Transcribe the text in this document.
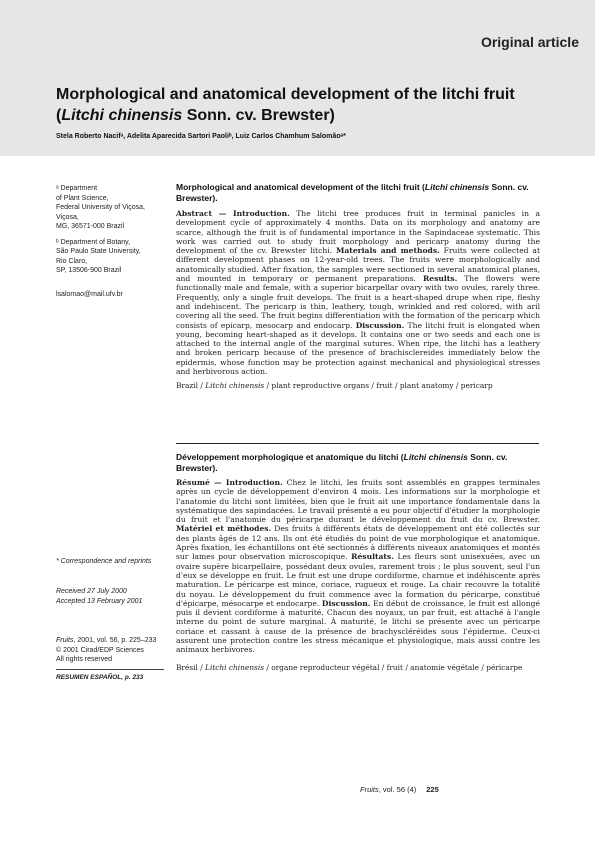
Original article
Morphological and anatomical development of the litchi fruit (Litchi chinensis Sonn. cv. Brewster)
Stela Roberto Nacifᵃ, Adelita Aparecida Sartori Paoliᵇ, Luiz Carlos Chamhum Salomãoᵃ*

ᵃ Department
of Plant Science,
Federal University of Viçosa,
Viçosa,
MG, 36571-000 Brazil

ᵇ Department of Botany,
São Paulo State University,
Rio Claro,
SP, 13506-900 Brazil

lsalomao@mail.ufv.br
* Correspondence and reprints
Received 27 July 2000
Accepted 13 February 2001
Fruits, 2001, vol. 56, p. 225–233
© 2001 Cirad/EDP Sciences
All rights reserved
RESUMEN ESPAÑOL, p. 233
Morphological and anatomical development of the litchi fruit (Litchi chinensis Sonn. cv. Brewster).
Abstract — Introduction. The litchi tree produces fruit in terminal panicles in a development cycle of approximately 4 months. Data on its morphology and anatomy are scarce, although the fruit is of fundamental importance in the Sapindaceae systematic. This work was carried out to study fruit morphology and pericarp anatomy during the development of the cv. Brewster litchi. Materials and methods. Fruits were collected at different development phases on 12-year-old trees. The fruits were morphologically and anatomically studied. After fixation, the samples were sectioned in several anatomical planes, and mounted in temporary or permanent preparations. Results. The flowers were functionally male and female, with a superior bicarpellar ovary with two ovules, rarely three. Frequently, only a single fruit develops. The fruit is a heart-shaped drupe when ripe, fleshy and indehiscent. The pericarp is thin, leathery, tough, wrinkled and red colored, with aril covering all the seed. The fruit begins differentiation with the formation of the pericarp which consists of epicarp, mesocarp and endocarp. Discussion. The litchi fruit is elongated when young, becoming heart-shaped as it develops. It contains one or two seeds and each one is attached to the internal angle of the marginal sutures. When ripe, the litchi has a leathery and broken pericarp because of the presence of brachisclereides immediately below the epidermis, whose function may be protection against mechanical and physiological stresses and herbivorous action.
Brazil / Litchi chinensis / plant reproductive organs / fruit / plant anatomy / pericarp
Développement morphologique et anatomique du litchi (Litchi chinensis Sonn. cv. Brewster).
Résumé — Introduction. Chez le litchi, les fruits sont assemblés en grappes terminales après un cycle de développement d'environ 4 mois. Les informations sur la morphologie et l'anatomie du litchi sont limitées, bien que le fruit ait une importance fondamentale dans la systématique des sapindacées. Le travail présenté a eu pour objectif d'étudier la morphologie du fruit et l'anatomie du péricarpe durant le développement du fruit du cv. Brewster. Matériel et méthodes. Des fruits à différents états de développement ont été collectés sur des plants âgés de 12 ans. Ils ont été étudiés du point de vue morphologique et anatomique. Après fixation, les échantillons ont été sectionnés à différents niveaux anatomiques et montés sur lames pour observation microscopique. Résultats. Les fleurs sont unisexuées, avec un ovaire supère bicarpellaire, possédant deux ovules, rarement trois ; le plus souvent, seul l'un d'eux se développe en fruit. Le fruit est une drupe cordiforme, charnue et indéhiscente après maturation. Le péricarpe est mince, coriace, rugueux et rouge. La chair recouvre la totalité du noyau. Le développement du fruit commence avec la formation du péricarpe, constitué d'épicarpe, mésocarpe et endocarpe. Discussion. En début de croissance, le fruit est allongé puis il devient cordiforme à maturité. Chacun des noyaux, un par fruit, est attaché à l'angle interne du point de suture marginal. À maturité, le litchi se présente avec un péricarpe coriace et cassant à cause de la présence de brachyscléréides sous l'épiderme. Ceux-ci assurent une protection contre les stress mécanique et physiologique, mais aussi contre les animaux herbivores.
Brésil / Litchi chinensis / organe reproducteur végétal / fruit / anatomie végétale / péricarpe
Fruits, vol. 56 (4) 225
